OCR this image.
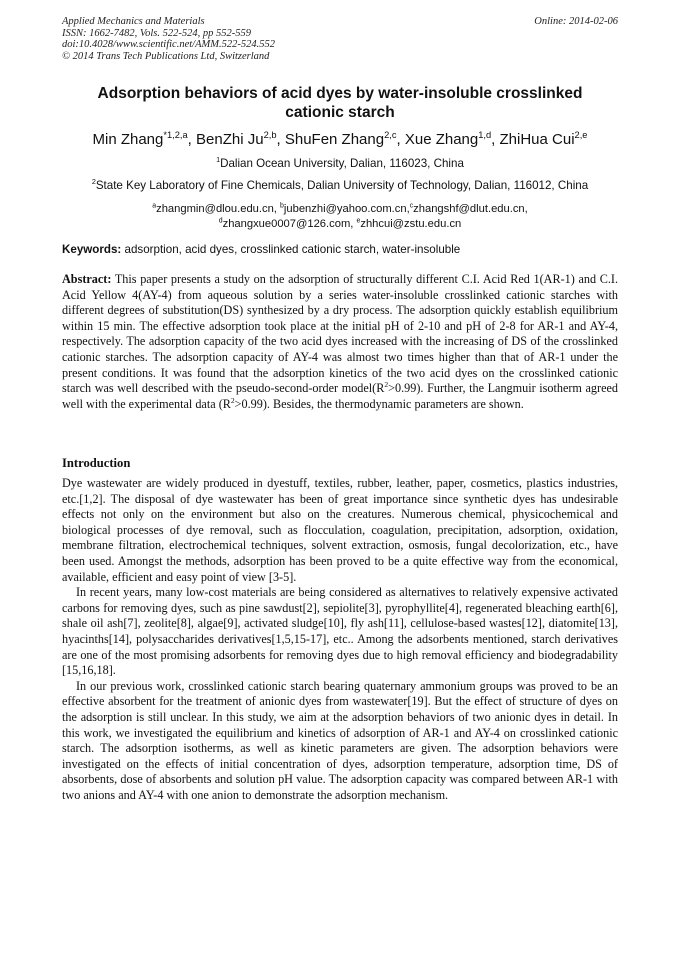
Applied Mechanics and Materials
ISSN: 1662-7482, Vols. 522-524, pp 552-559
doi:10.4028/www.scientific.net/AMM.522-524.552
© 2014 Trans Tech Publications Ltd, Switzerland
Online: 2014-02-06
Adsorption behaviors of acid dyes by water-insoluble crosslinked
cationic starch
Min Zhang$^{*1,2,a}$, BenZhi Ju$^{2,b}$, ShuFen Zhang$^{2,c}$, Xue Zhang$^{1,d}$, ZhiHua Cui$^{2,e}$
$^1$Dalian Ocean University, Dalian, 116023, China
$^2$State Key Laboratory of Fine Chemicals, Dalian University of Technology, Dalian, 116012, China
$^a$zhangmin@dlou.edu.cn, $^b$jubenzhi@yahoo.com.cn,$^c$zhangshf@dlut.edu.cn,
$^d$zhangxue0007@126.com, $^e$zhhcui@zstu.edu.cn
Keywords: adsorption, acid dyes, crosslinked cationic starch, water-insoluble
Abstract: This paper presents a study on the adsorption of structurally different C.I. Acid Red 1(AR-1) and C.I. Acid Yellow 4(AY-4) from aqueous solution by a series water-insoluble crosslinked cationic starches with different degrees of substitution(DS) synthesized by a dry process. The adsorption quickly establish equilibrium within 15 min. The effective adsorption took place at the initial pH of 2-10 and pH of 2-8 for AR-1 and AY-4, respectively. The adsorption capacity of the two acid dyes increased with the increasing of DS of the crosslinked cationic starches. The adsorption capacity of AY-4 was almost two times higher than that of AR-1 under the present conditions. It was found that the adsorption kinetics of the two acid dyes on the crosslinked cationic starch was well described with the pseudo-second-order $model(R^2>0.99)$. Further, the Langmuir isotherm agreed well with the experimental data $(R^2>0.99)$. Besides, the thermodynamic parameters are shown.
Introduction

Dye wastewater are widely produced in dyestuff, textiles, rubber, leather, paper, cosmetics, plastics industries, etc.[1,2]. The disposal of dye wastewater has been of great importance since synthetic dyes has undesirable effects not only on the environment but also on the creatures. Numerous chemical, physicochemical and biological processes of dye removal, such as flocculation, coagulation, precipitation, adsorption, oxidation, membrane filtration, electrochemical techniques, solvent extraction, osmosis, fungal decolorization, etc., have been used. Amongst the methods, adsorption has been proved to be a quite effective way from the economical, available, efficient and easy point of view [3-5].

In recent years, many low-cost materials are being considered as alternatives to relatively expensive activated carbons for removing dyes, such as pine sawdust[2], sepiolite[3], pyrophyllite[4], regenerated bleaching earth[6], shale oil ash[7], zeolite[8], algae[9], activated sludge[10], fly ash[11], cellulose-based wastes[12], diatomite[13], hyacinths[14], polysaccharides derivatives[1,5,15-17], etc.. Among the adsorbents mentioned, starch derivatives are one of the most promising adsorbents for removing dyes due to high removal efficiency and biodegradability [15,16,18].

In our previous work, crosslinked cationic starch bearing quaternary ammonium groups was proved to be an effective absorbent for the treatment of anionic dyes from wastewater[19]. But the effect of structure of dyes on the adsorption is still unclear. In this study, we aim at the adsorption behaviors of two anionic dyes in detail. In this work, we investigated the equilibrium and kinetics of adsorption of AR-1 and AY-4 on crosslinked cationic starch. The adsorption isotherms, as well as kinetic parameters are given. The adsorption behaviors were investigated on the effects of initial concentration of dyes, adsorption temperature, adsorption time, DS of absorbents, dose of absorbents and solution pH value. The adsorption capacity was compared between AR-1 with two anions and AY-4 with one anion to demonstrate the adsorption mechanism.
